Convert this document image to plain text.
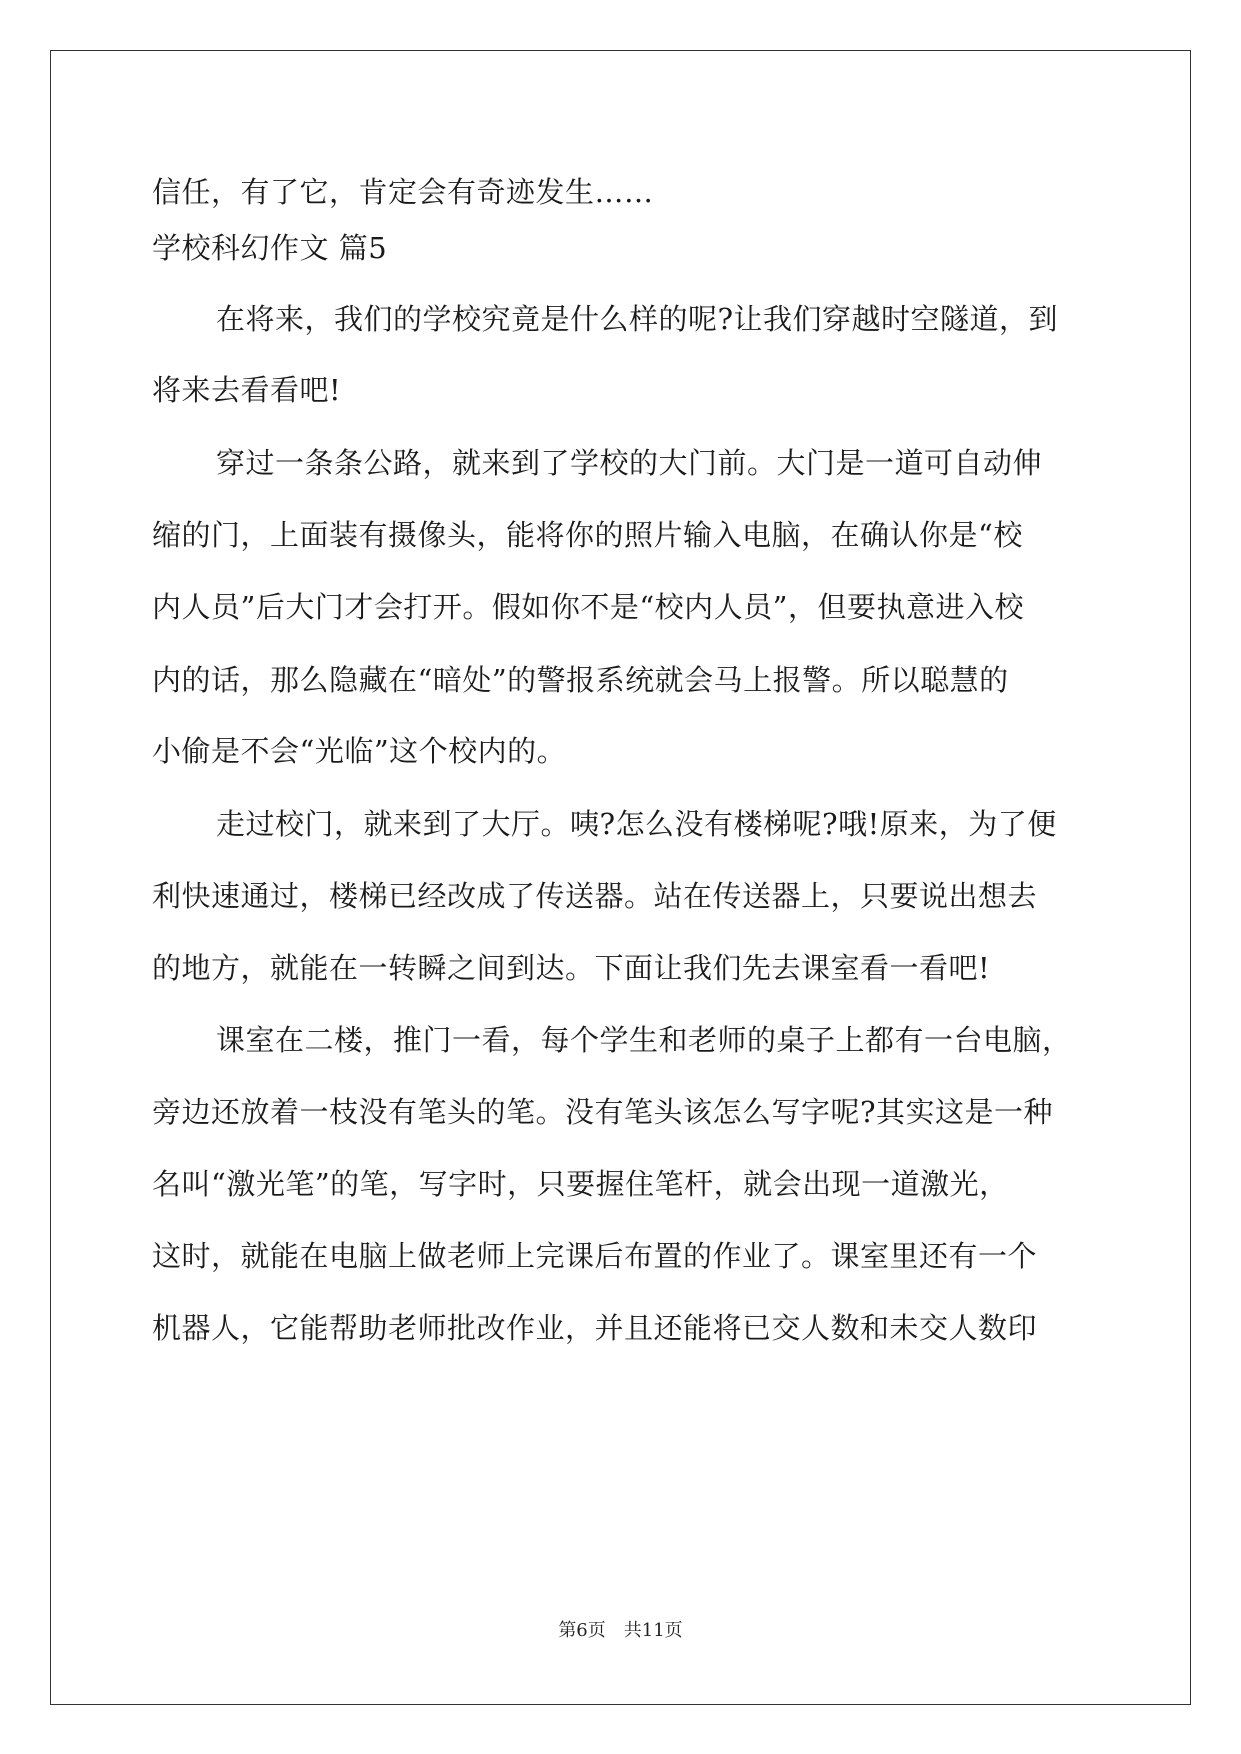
信任，有了它，肯定会有奇迹发生……
学校科幻作文 篇5
在将来，我们的学校究竟是什么样的呢?让我们穿越时空隧道，到
将来去看看吧!
穿过一条条公路，就来到了学校的大门前。大门是一道可自动伸
缩的门，上面装有摄像头，能将你的照片输入电脑，在确认你是“校
内人员”后大门才会打开。假如你不是“校内人员”，但要执意进入校
内的话，那么隐藏在“暗处”的警报系统就会马上报警。所以聪慧的
小偷是不会“光临”这个校内的。
走过校门，就来到了大厅。咦?怎么没有楼梯呢?哦!原来，为了便
利快速通过，楼梯已经改成了传送器。站在传送器上，只要说出想去
的地方，就能在一转瞬之间到达。下面让我们先去课室看一看吧!
课室在二楼，推门一看，每个学生和老师的桌子上都有一台电脑，
旁边还放着一枝没有笔头的笔。没有笔头该怎么写字呢?其实这是一种
名叫“激光笔”的笔，写字时，只要握住笔杆，就会出现一道激光，
这时，就能在电脑上做老师上完课后布置的作业了。课室里还有一个
机器人，它能帮助老师批改作业，并且还能将已交人数和未交人数印
第6页　共11页
